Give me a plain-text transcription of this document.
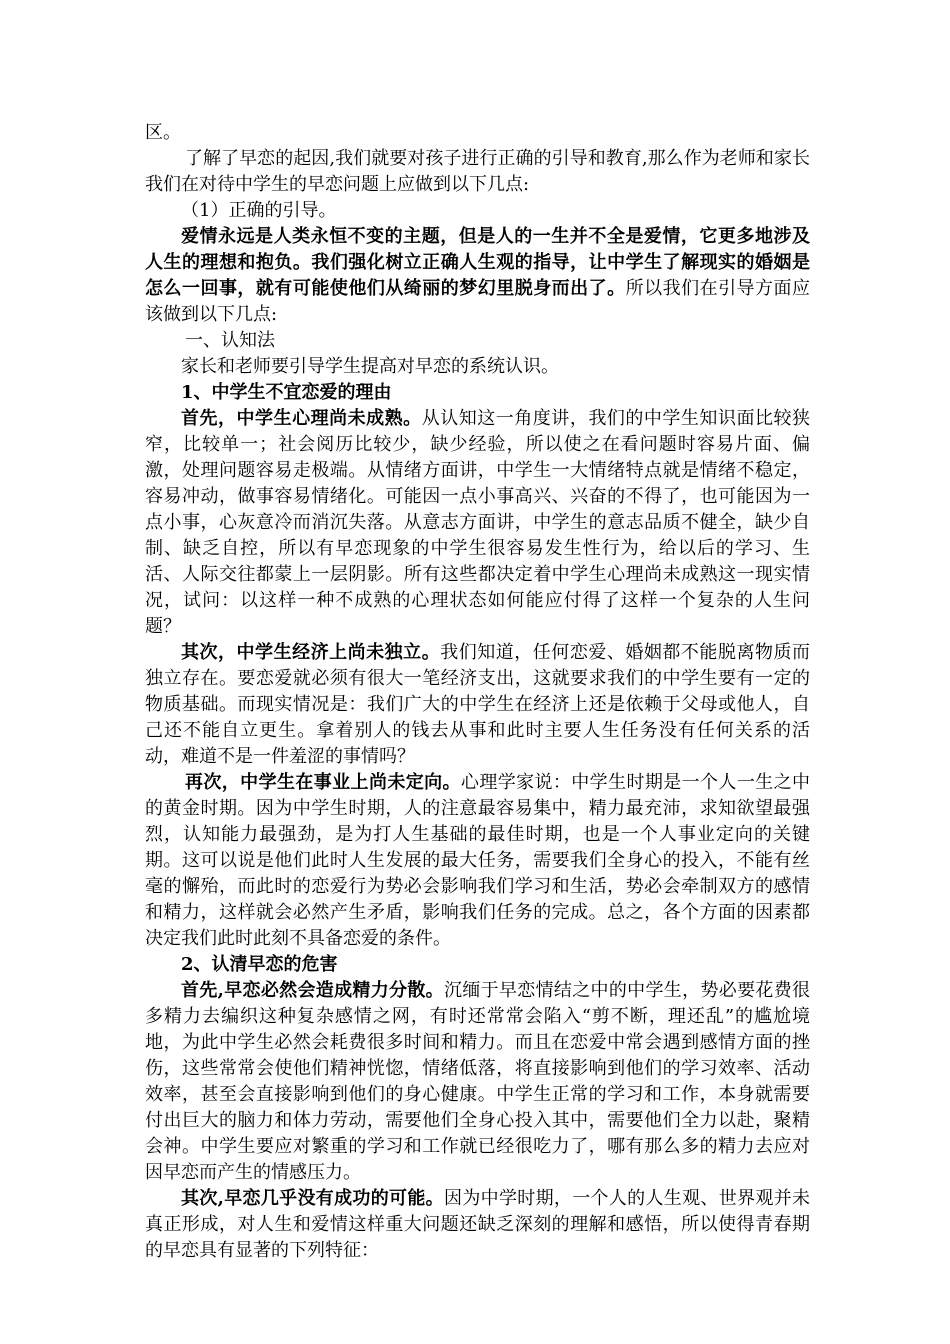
区。

了解了早恋的起因,我们就要对孩子进行正确的引导和教育,那么作为老师和家长我们在对待中学生的早恋问题上应做到以下几点:

（1）正确的引导。

爱情永远是人类永恒不变的主题，但是人的一生并不全是爱情，它更多地涉及人生的理想和抱负。我们强化树立正确人生观的指导，让中学生了解现实的婚姻是怎么一回事，就有可能使他们从绮丽的梦幻里脱身而出了。所以我们在引导方面应该做到以下几点:

一、认知法

家长和老师要引导学生提高对早恋的系统认识。

1、中学生不宜恋爱的理由

首先，中学生心理尚未成熟。从认知这一角度讲，我们的中学生知识面比较狭窄，比较单一；社会阅历比较少，缺少经验，所以使之在看问题时容易片面、偏激，处理问题容易走极端。从情绪方面讲，中学生一大情绪特点就是情绪不稳定，容易冲动，做事容易情绪化。可能因一点小事高兴、兴奋的不得了，也可能因为一点小事，心灰意冷而消沉失落。从意志方面讲，中学生的意志品质不健全，缺少自制、缺乏自控，所以有早恋现象的中学生很容易发生性行为，给以后的学习、生活、人际交往都蒙上一层阴影。所有这些都决定着中学生心理尚未成熟这一现实情况，试问：以这样一种不成熟的心理状态如何能应付得了这样一个复杂的人生问题？

其次，中学生经济上尚未独立。我们知道，任何恋爱、婚姻都不能脱离物质而独立存在。要恋爱就必须有很大一笔经济支出，这就要求我们的中学生要有一定的物质基础。而现实情况是：我们广大的中学生在经济上还是依赖于父母或他人，自己还不能自立更生。拿着别人的钱去从事和此时主要人生任务没有任何关系的活动，难道不是一件羞涩的事情吗？

再次，中学生在事业上尚未定向。心理学家说：中学生时期是一个人一生之中的黄金时期。因为中学生时期，人的注意最容易集中，精力最充沛，求知欲望最强烈，认知能力最强劲，是为打人生基础的最佳时期，也是一个人事业定向的关键期。这可以说是他们此时人生发展的最大任务，需要我们全身心的投入，不能有丝毫的懈殆，而此时的恋爱行为势必会影响我们学习和生活，势必会牵制双方的感情和精力，这样就会必然产生矛盾，影响我们任务的完成。总之，各个方面的因素都决定我们此时此刻不具备恋爱的条件。

2、认清早恋的危害

首先,早恋必然会造成精力分散。沉缅于早恋情结之中的中学生，势必要花费很多精力去编织这种复杂感情之网，有时还常常会陷入“剪不断，理还乱”的尴尬境地，为此中学生必然会耗费很多时间和精力。而且在恋爱中常会遇到感情方面的挫伤，这些常常会使他们精神恍惚，情绪低落，将直接影响到他们的学习效率、活动效率，甚至会直接影响到他们的身心健康。中学生正常的学习和工作，本身就需要付出巨大的脑力和体力劳动，需要他们全身心投入其中，需要他们全力以赴，聚精会神。中学生要应对繁重的学习和工作就已经很吃力了，哪有那么多的精力去应对因早恋而产生的情感压力。

其次,早恋几乎没有成功的可能。因为中学时期，一个人的人生观、世界观并未真正形成，对人生和爱情这样重大问题还缺乏深刻的理解和感悟，所以使得青春期的早恋具有显著的下列特征：
